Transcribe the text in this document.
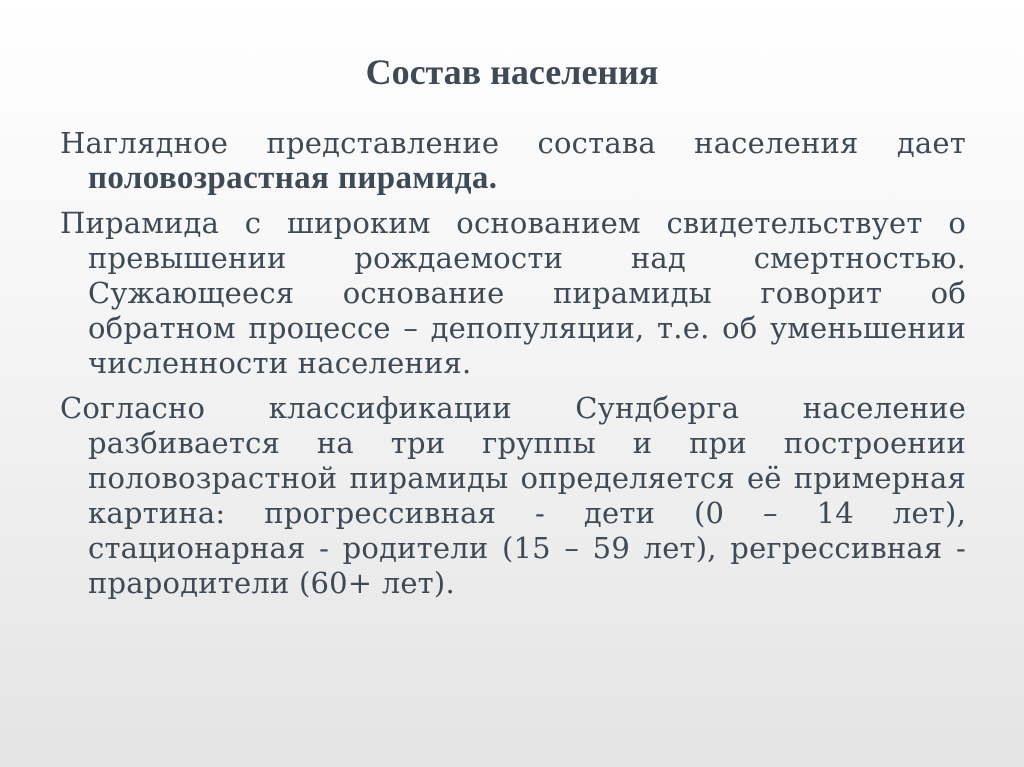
Состав населения

Наглядное представление состава населения дает половозрастная пирамида.

Пирамида с широким основанием свидетельствует о превышении рождаемости над смертностью. Сужающееся основание пирамиды говорит об обратном процессе – депопуляции, т.е. об уменьшении численности населения.

Согласно классификации Сундберга население разбивается на три группы и при построении половозрастной пирамиды определяется её примерная картина: прогрессивная - дети (0 – 14 лет), стационарная - родители (15 – 59 лет), регрессивная - прародители (60+ лет).
